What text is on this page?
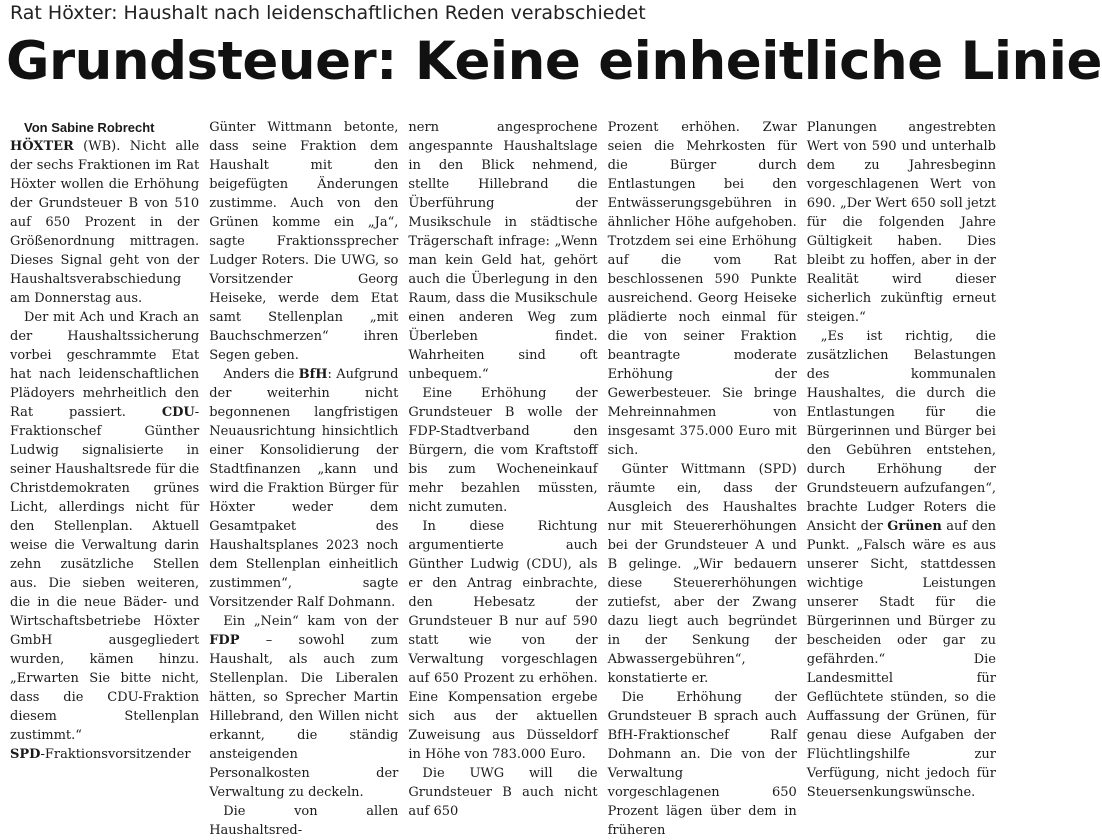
Rat Höxter: Haushalt nach leidenschaftlichen Reden verabschiedet
Grundsteuer: Keine einheitliche Linie

Von Sabine Robrecht

HÖXTER (WB). Nicht alle der sechs Fraktionen im Rat Höxter wollen die Erhöhung der Grundsteuer B von 510 auf 650 Prozent in der Größenordnung mittragen. Dieses Signal geht von der Haushaltsverabschiedung am Donnerstag aus.

Der mit Ach und Krach an der Haushaltssicherung vorbei geschrammte Etat hat nach leidenschaftlichen Plädoyers mehrheitlich den Rat passiert. CDU-Fraktionschef Günther Ludwig signalisierte in seiner Haushaltsrede für die Christdemokraten grünes Licht, allerdings nicht für den Stellenplan. Aktuell weise die Verwaltung darin zehn zusätzliche Stellen aus. Die sieben weiteren, die in die neue Bäder- und Wirtschaftsbetriebe Höxter GmbH ausgegliedert wurden, kämen hinzu. „Erwarten Sie bitte nicht, dass die CDU-Fraktion diesem Stellenplan zustimmt.“

SPD-Fraktionsvorsitzender

Günter Wittmann betonte, dass seine Fraktion dem Haushalt mit den beigefügten Änderungen zustimme. Auch von den Grünen komme ein „Ja“, sagte Fraktionssprecher Ludger Roters. Die UWG, so Vorsitzender Georg Heiseke, werde dem Etat samt Stellenplan „mit Bauchschmerzen“ ihren Segen geben.

Anders die BfH: Aufgrund der weiterhin nicht begonnenen langfristigen Neuausrichtung hinsichtlich einer Konsolidierung der Stadtfinanzen „kann und wird die Fraktion Bürger für Höxter weder dem Gesamtpaket des Haushaltsplanes 2023 noch dem Stellenplan einheitlich zustimmen“, sagte Vorsitzender Ralf Dohmann.

Ein „Nein“ kam von der FDP – sowohl zum Haushalt, als auch zum Stellenplan. Die Liberalen hätten, so Sprecher Martin Hillebrand, den Willen nicht erkannt, die ständig ansteigenden Personalkosten der Verwaltung zu deckeln.

Die von allen Haushaltsred-

nern angesprochene angespannte Haushaltslage in den Blick nehmend, stellte Hillebrand die Überführung der Musikschule in städtische Trägerschaft infrage: „Wenn man kein Geld hat, gehört auch die Überlegung in den Raum, dass die Musikschule einen anderen Weg zum Überleben findet. Wahrheiten sind oft unbequem.“

Eine Erhöhung der Grundsteuer B wolle der FDP-Stadtverband den Bürgern, die vom Kraftstoff bis zum Wocheneinkauf mehr bezahlen müssten, nicht zumuten.

In diese Richtung argumentierte auch Günther Ludwig (CDU), als er den Antrag einbrachte, den Hebesatz der Grundsteuer B nur auf 590 statt wie von der Verwaltung vorgeschlagen auf 650 Prozent zu erhöhen. Eine Kompensation ergebe sich aus der aktuellen Zuweisung aus Düsseldorf in Höhe von 783.000 Euro.

Die UWG will die Grundsteuer B auch nicht auf 650

Prozent erhöhen. Zwar seien die Mehrkosten für die Bürger durch Entlastungen bei den Entwässerungsgebühren in ähnlicher Höhe aufgehoben. Trotzdem sei eine Erhöhung auf die vom Rat beschlossenen 590 Punkte ausreichend. Georg Heiseke plädierte noch einmal für die von seiner Fraktion beantragte moderate Erhöhung der Gewerbesteuer. Sie bringe Mehreinnahmen von insgesamt 375.000 Euro mit sich.

Günter Wittmann (SPD) räumte ein, dass der Ausgleich des Haushaltes nur mit Steuererhöhungen bei der Grundsteuer A und B gelinge. „Wir bedauern diese Steuererhöhungen zutiefst, aber der Zwang dazu liegt auch begründet in der Senkung der Abwassergebühren“, konstatierte er.

Die Erhöhung der Grundsteuer B sprach auch BfH-Fraktionschef Ralf Dohmann an. Die von der Verwaltung vorgeschlagenen 650 Prozent lägen über dem in früheren

Planungen angestrebten Wert von 590 und unterhalb dem zu Jahresbeginn vorgeschlagenen Wert von 690. „Der Wert 650 soll jetzt für die folgenden Jahre Gültigkeit haben. Dies bleibt zu hoffen, aber in der Realität wird dieser sicherlich zukünftig erneut steigen.“

„Es ist richtig, die zusätzlichen Belastungen des kommunalen Haushaltes, die durch die Entlastungen für die Bürgerinnen und Bürger bei den Gebühren entstehen, durch Erhöhung der Grundsteuern aufzufangen“, brachte Ludger Roters die Ansicht der Grünen auf den Punkt. „Falsch wäre es aus unserer Sicht, stattdessen wichtige Leistungen unserer Stadt für die Bürgerinnen und Bürger zu bescheiden oder gar zu gefährden.“ Die Landesmittel für Geflüchtete stünden, so die Auffassung der Grünen, für genau diese Aufgaben der Flüchtlingshilfe zur Verfügung, nicht jedoch für Steuersenkungswünsche.
